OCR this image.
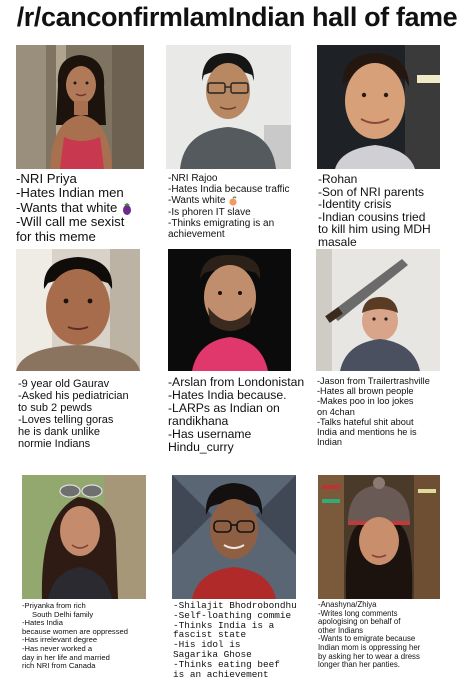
/r/canconfirmIamIndian hall of fame
-NRI Priya
-Hates Indian men
-Wants that white
-Will call me sexist
for this meme
-NRI Rajoo
-Hates India because traffic
-Wants white
-Is phoren IT slave
-Thinks emigrating is an
achievement
-Rohan
-Son of NRI parents
-Identity crisis
-Indian cousins tried
to kill him using MDH
masale
-9 year old Gaurav
-Asked his pediatrician
to sub 2 pewds
-Loves telling goras
he is dank unlike
normie Indians
-Arslan from Londonistan
-Hates India because.
-LARPs as Indian on
randikhana
-Has username
Hindu_curry
-Jason from Trailertrashville
-Hates all brown people
-Makes poo in loo jokes
on 4chan
-Talks hateful shit about
India and mentions he is
Indian
-Priyanka from rich
South Delhi family
-Hates India
because women are oppressed
-Has irrelevant degree
-Has never worked a
day in her life and married
rich NRI from Canada
-Shilajit Bhodrobondhu
-Self-loathing commie
-Thinks India is a
fascist state
-His idol is
Sagarika Ghose
-Thinks eating beef
is an achievement
-Anashyna/Zhiya
-Writes long comments
apologising on behalf of
other Indians
-Wants to emigrate because
Indian mom is oppressing her
by asking her to wear a dress
longer than her panties.
